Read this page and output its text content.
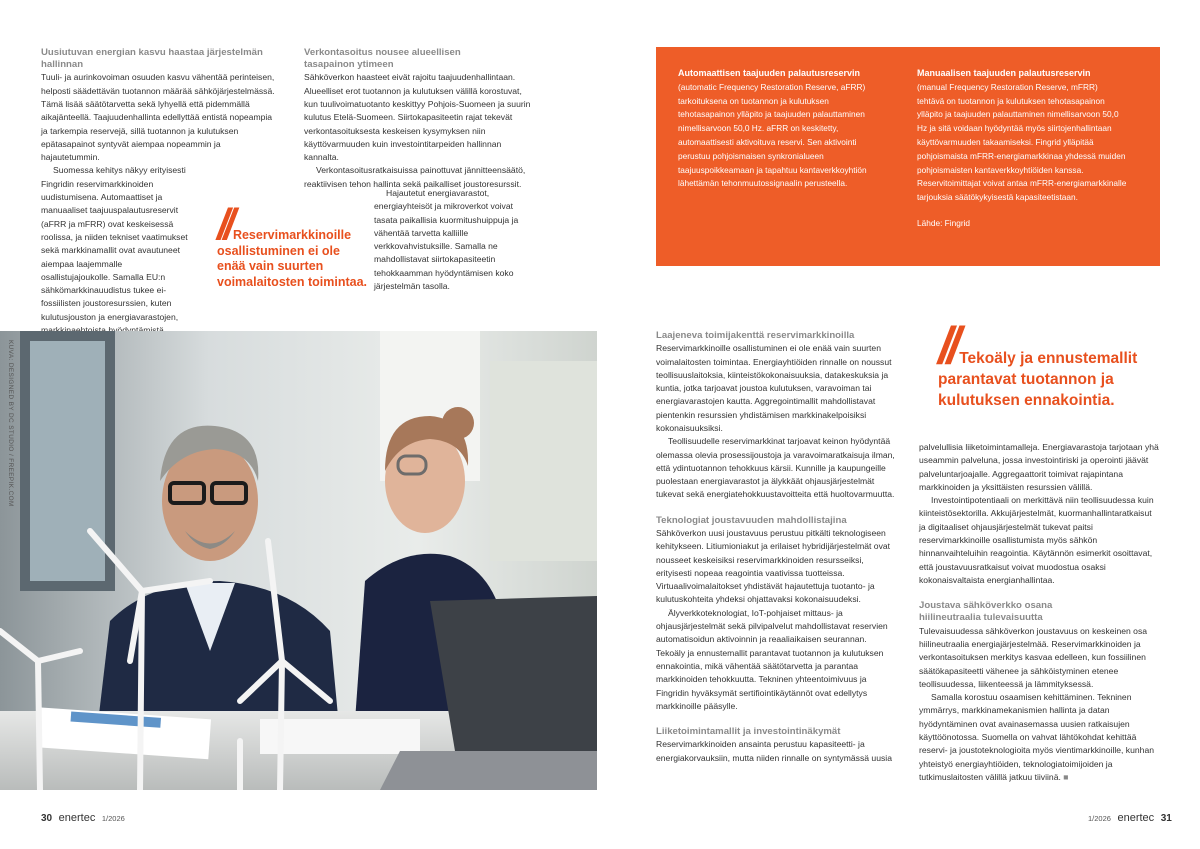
Uusiutuvan energian kasvu haastaa järjestelmän hallinnan

Tuuli- ja aurinkovoiman osuuden kasvu vähentää perinteisen, helposti säädettävän tuotannon määrää sähköjärjestelmässä. Tämä lisää säätötarvetta sekä lyhyellä että pidemmällä aikajänteellä. Taajuudenhallinta edellyttää entistä nopeampia ja tarkempia reservejä, sillä tuotannon ja kulutuksen epätasapainot syntyvät aiempaa nopeammin ja hajautetummin.

Suomessa kehitys näkyy erityisesti Fingridin reservimarkkinoiden uudistumisena. Automaattiset ja manuaaliset taajuuspalautusreservit (aFRR ja mFRR) ovat keskeisessä roolissa, ja niiden tekniset vaatimukset sekä markkinamallit ovat avautuneet aiempaa laajemmalle osallistujajoukolle. Samalla EU:n sähkömarkkinauudistus tukee ei-fossiilisten joustoresurssien, kuten kulutusjouston ja energiavarastojen,

Verkontasoitus nousee alueellisen tasapainon ytimeen

Sähköverkon haasteet eivät rajoitu taajuudenhallintaan. Alueelliset erot tuotannon ja kulutuksen välillä korostuvat, kun tuulivoimatuotanto keskittyy Pohjois-Suomeen ja suurin kulutus Etelä-Suomeen. Siirtokapasiteetin rajat tekevät verkontasoituksesta keskeisen kysymyksen niin käyttövarmuuden kuin investointitarpeiden hallinnan kannalta.

Verkontasoitusratkaisuissa painottuvat jännitteensäätö, reaktiivisen tehon hallinta sekä paikalliset joustoresurssit.

Hajautetut energiavarastot, energiayhteisöt ja mikroverkot voivat tasata paikallisia kuormitushuippuja ja vähentää tarvetta kalliille verkkovahvistuksille. Samalla ne mahdollistavat siirtokapasiteetin tehokkaamman hyödyntämisen koko järjestelmän tasolla.

// Reservimarkkinoille osallistuminen ei ole enää vain suurten voimalaitosten toimintaa.
Automaattisen taajuuden palautusreservin
(automatic Frequency Restoration Reserve, aFRR) tarkoituksena on tuotannon ja kulutuksen tehotasapainon ylläpito ja taajuuden palauttaminen nimellisarvoon 50,0 Hz. aFRR on keskitetty, automaattisesti aktivoituva reservi. Sen aktivointi perustuu pohjoismaisen synkronialueen taajuuspoikkeamaan ja tapahtuu kantaverkkoyhtiön lähettämän tehonmuutossignaalin perusteella.
Manuaalisen taajuuden palautusreservin
(manual Frequency Restoration Reserve, mFRR) tehtävä on tuotannon ja kulutuksen tehotasapainon ylläpito ja taajuuden palauttaminen nimellisarvoon 50,0 Hz ja sitä voidaan hyödyntää myös siirtojenhallintaan käyttövarmuuden takaamiseksi. Fingrid ylläpitää pohjoismaista mFRR-energiamarkkinaa yhdessä muiden pohjoismaisten kantaverkkoyhtiöiden kanssa. Reservitoimittajat voivat antaa mFRR-energiamarkkinalle tarjouksia säätökykyisestä kapasiteetistaan.
Lähde: Fingrid
KUVA: DESIGNED BY DC STUDIO / FREEPIK.COM

Laajeneva toimijakenttä reservimarkkinoilla

Reservimarkkinoille osallistuminen ei ole enää vain suurten voimalaitosten toimintaa. Energiayhtiöiden rinnalle on noussut teollisuuslaitoksia, kiinteistökokonaisuuksia, datakeskuksia ja kuntia, jotka tarjoavat joustoa kulutuksen, varavoiman tai energiavarastojen kautta. Aggregointimallit mahdollistavat pientenkin resurssien yhdistämisen markkinakelpoisiksi kokonaisuuksiksi.

Teollisuudelle reservimarkkinat tarjoavat keinon hyödyntää olemassa olevia prosessijoustoja ja varavoimaratkaisuja ilman, että ydintuotannon tehokkuus kärsii. Kunnille ja kaupungeille puolestaan energiavarastot ja älykkäät ohjausjärjestelmät tukevat sekä energiatehokkuustavoitteita että huoltovarmuutta.

Teknologiat joustavuuden mahdollistajina

Sähköverkon uusi joustavuus perustuu pitkälti teknologiseen kehitykseen. Litiumioniakut ja erilaiset hybridijärjestelmät ovat nousseet keskeisiksi reservimarkkinoiden resursseiksi, erityisesti nopeaa reagointia vaativissa tuotteissa. Virtuaalivoimalaitokset yhdistävät hajautettuja tuotanto- ja kulutuskohteita yhdeksi ohjattavaksi kokonaisuudeksi.

Älyverkkoteknologiat, IoT-pohjaiset mittaus- ja ohjausjärjestelmät sekä pilvipalvelut mahdollistavat reservien automatisoidun aktivoinnin ja reaaliaikaisen seurannan. Tekoäly ja ennustemallit parantavat tuotannon ja kulutuksen ennakointia, mikä vähentää säätötarvetta ja parantaa markkinoiden tehokkuutta. Tekninen yhteentoimivuus ja Fingridin hyväksymät sertifiointikäytännöt ovat edellytys markkinoille pääsylle.

Liiketoimintamallit ja investointinäkymät

Reservimarkkinoiden ansainta perustuu kapasiteetti- ja energiakorvauksiin, mutta niiden rinnalle on syntymässä uusia

// Tekoäly ja ennustemallit parantavat tuotannon ja kulutuksen ennakointia.

palvelullisia liiketoimintamalleja. Energiavarastoja tarjotaan yhä useammin palveluna, jossa investointiriski ja operointi jäävät palveluntarjoajalle. Aggregaattorit toimivat rajapintana markkinoiden ja yksittäisten resurssien välillä.

Investointipotentiaali on merkittävä niin teollisuudessa kuin kiinteistösektorilla. Akkujärjestelmät, kuormanhallintaratkaisut ja digitaaliset ohjausjärjestelmät tukevat paitsi reservimarkkinoille osallistumista myös sähkön hinnanvaihteluihin reagointia. Käytännön esimerkit osoittavat, että joustavuusratkaisut voivat muodostua osaksi kokonaisvaltaista energianhallintaa.

Joustava sähköverkko osana hiilineutraalia tulevaisuutta

Tulevaisuudessa sähköverkon joustavuus on keskeinen osa hiilineutraalia energiajärjestelmää. Reservimarkkinoiden ja verkontasoituksen merkitys kasvaa edelleen, kun fossiilinen säätökapasiteetti vähenee ja sähköistyminen etenee teollisuudessa, liikenteessä ja lämmityksessä.

Samalla korostuu osaamisen kehittäminen. Tekninen ymmärrys, markkinamekanismien hallinta ja datan hyödyntäminen ovat avainasemassa uusien ratkaisujen käyttöönotossa. Suomella on vahvat lähtökohdat kehittää reservi- ja joustoteknologioita myös vientimarkkinoille, kunhan yhteistyö energiayhtiöiden, teknologiatoimijoiden ja tutkimuslaitosten välillä jatkuu tiiviinä. ■

30 enertec 1/2026	1/2026 enertec 31
